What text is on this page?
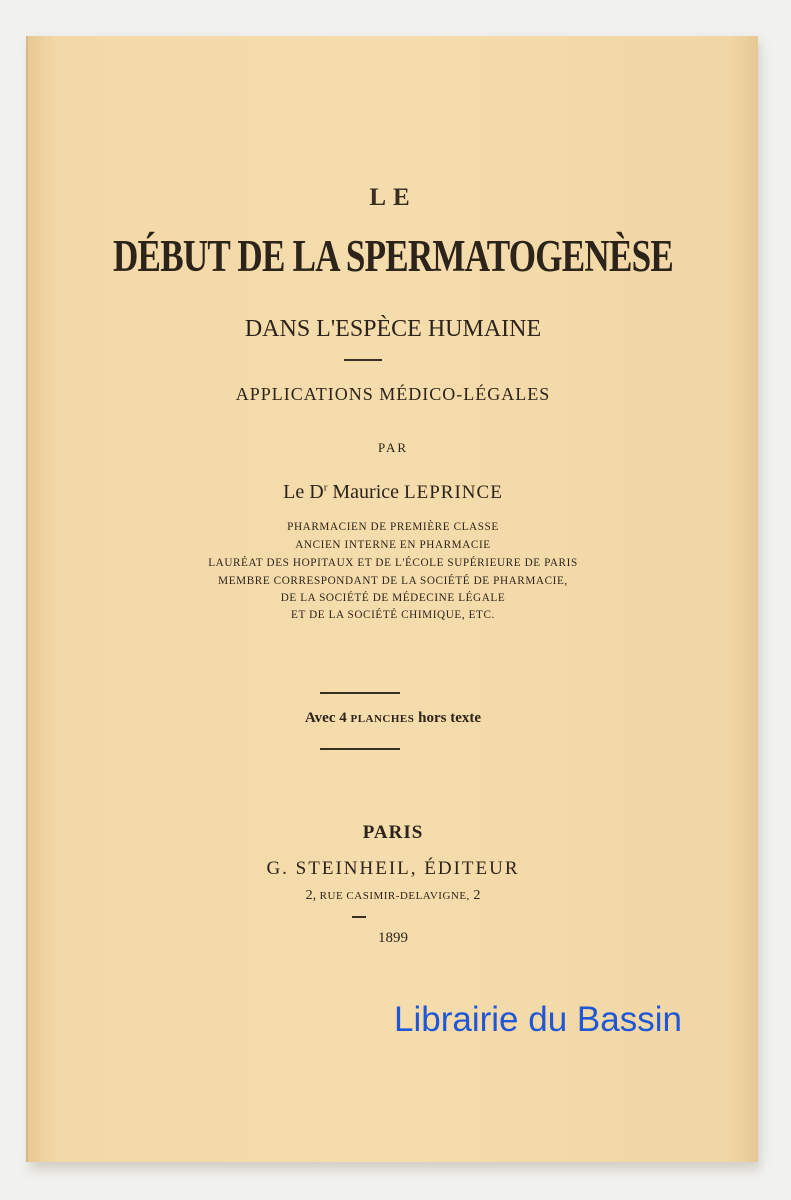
LE
DÉBUT DE LA SPERMATOGENÈSE
DANS L'ESPÈCE HUMAINE
APPLICATIONS MÉDICO-LÉGALES
PAR
Le $D^r$ Maurice LEPRINCE
PHARMACIEN DE PREMIÈRE CLASSE
ANCIEN INTERNE EN PHARMACIE
LAURÉAT DES HOPITAUX ET DE L'ÉCOLE SUPÉRIEURE DE PARIS
MEMBRE CORRESPONDANT DE LA SOCIÉTÉ DE PHARMACIE,
DE LA SOCIÉTÉ DE MÉDECINE LÉGALE
ET DE LA SOCIÉTÉ CHIMIQUE, ETC.
Avec 4 PLANCHES hors texte
PARIS
G. STEINHEIL, ÉDITEUR
2, RUE CASIMIR-DELAVIGNE, 2
1899
Librairie du Bassin
